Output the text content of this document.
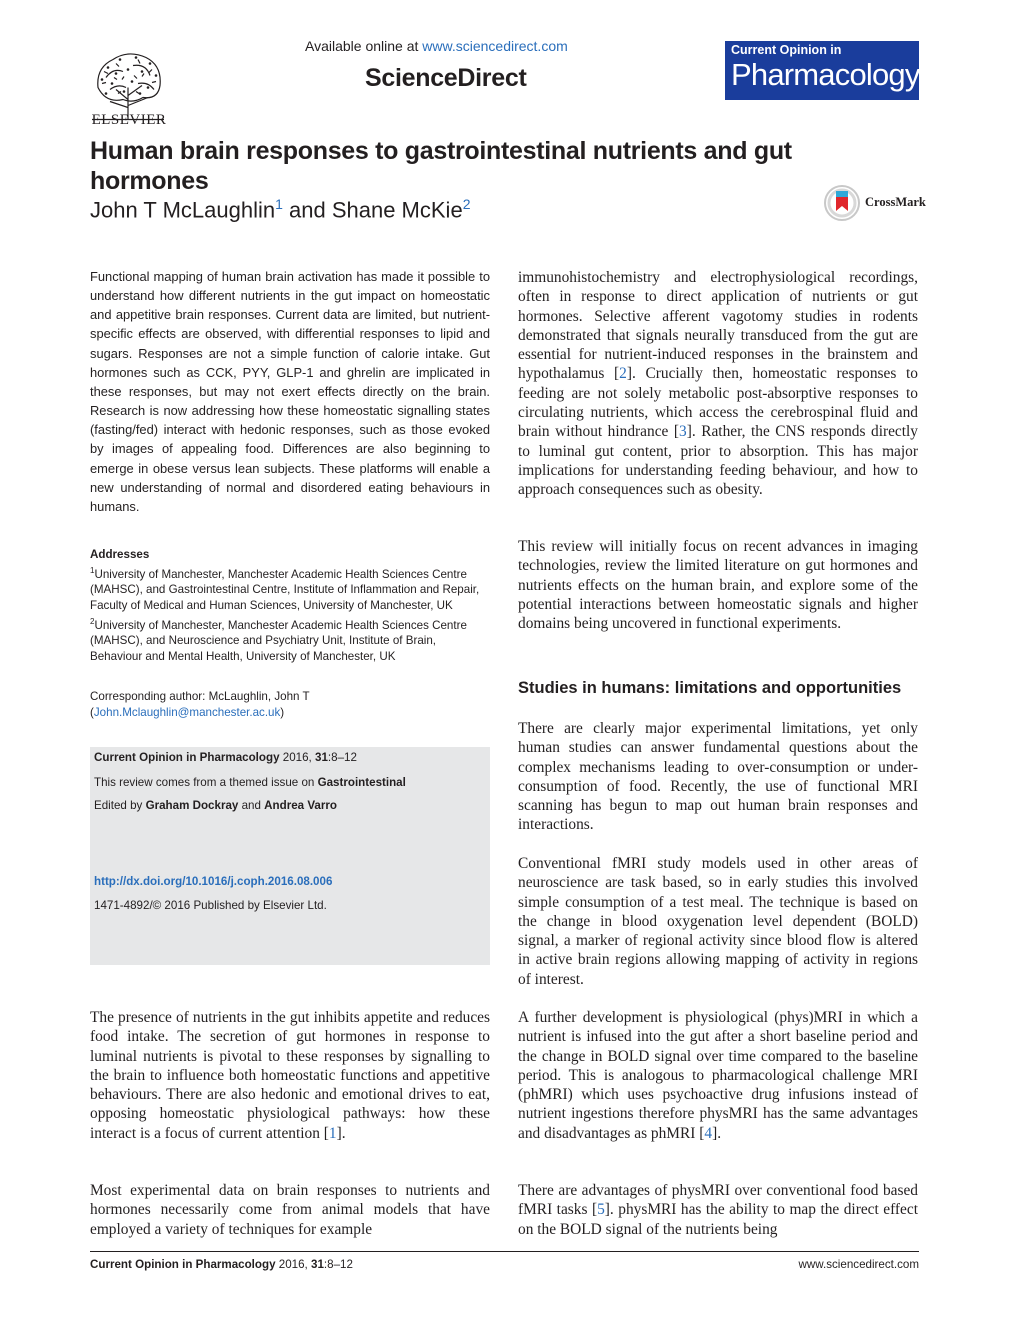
ELSEVIER
Available online at www.sciencedirect.com
ScienceDirect
Current Opinion in
Pharmacology
Human brain responses to gastrointestinal nutrients and gut hormones
John T McLaughlin$^1$ and Shane McKie$^2$	CrossMark

Functional mapping of human brain activation has made it possible to understand how different nutrients in the gut impact on homeostatic and appetitive brain responses. Current data are limited, but nutrient-specific effects are observed, with differential responses to lipid and sugars. Responses are not a simple function of calorie intake. Gut hormones such as CCK, PYY, GLP-1 and ghrelin are implicated in these responses, but may not exert effects directly on the brain. Research is now addressing how these homeostatic signalling states (fasting/fed) interact with hedonic responses, such as those evoked by images of appealing food. Differences are also beginning to emerge in obese versus lean subjects. These platforms will enable a new understanding of normal and disordered eating behaviours in humans.

Addresses
$^1$University of Manchester, Manchester Academic Health Sciences Centre (MAHSC), and Gastrointestinal Centre, Institute of Inflammation and Repair, Faculty of Medical and Human Sciences, University of Manchester, UK
$^2$University of Manchester, Manchester Academic Health Sciences Centre (MAHSC), and Neuroscience and Psychiatry Unit, Institute of Brain, Behaviour and Mental Health, University of Manchester, UK
Corresponding author: McLaughlin, John T
(John.Mclaughlin@manchester.ac.uk)
Current Opinion in Pharmacology 2016, 31:8–12
This review comes from a themed issue on Gastrointestinal
Edited by Graham Dockray and Andrea Varro
http://dx.doi.org/10.1016/j.coph.2016.08.006
1471-4892/© 2016 Published by Elsevier Ltd.

The presence of nutrients in the gut inhibits appetite and reduces food intake. The secretion of gut hormones in response to luminal nutrients is pivotal to these responses by signalling to the brain to influence both homeostatic functions and appetitive behaviours. There are also hedonic and emotional drives to eat, opposing homeostatic physiological pathways: how these interact is a focus of current attention [1].

Most experimental data on brain responses to nutrients and hormones necessarily come from animal models that have employed a variety of techniques for example

immunohistochemistry and electrophysiological recordings, often in response to direct application of nutrients or gut hormones. Selective afferent vagotomy studies in rodents demonstrated that signals neurally transduced from the gut are essential for nutrient-induced responses in the brainstem and hypothalamus [2]. Crucially then, homeostatic responses to feeding are not solely metabolic post-absorptive responses to circulating nutrients, which access the cerebrospinal fluid and brain without hindrance [3]. Rather, the CNS responds directly to luminal gut content, prior to absorption. This has major implications for understanding feeding behaviour, and how to approach consequences such as obesity.

This review will initially focus on recent advances in imaging technologies, review the limited literature on gut hormones and nutrients effects on the human brain, and explore some of the potential interactions between homeostatic signals and higher domains being uncovered in functional experiments.

Studies in humans: limitations and opportunities

There are clearly major experimental limitations, yet only human studies can answer fundamental questions about the complex mechanisms leading to over-consumption or under-consumption of food. Recently, the use of functional MRI scanning has begun to map out human brain responses and interactions.

Conventional fMRI study models used in other areas of neuroscience are task based, so in early studies this involved simple consumption of a test meal. The technique is based on the change in blood oxygenation level dependent (BOLD) signal, a marker of regional activity since blood flow is altered in active brain regions allowing mapping of activity in regions of interest.

A further development is physiological (phys)MRI in which a nutrient is infused into the gut after a short baseline period and the change in BOLD signal over time compared to the baseline period. This is analogous to pharmacological challenge MRI (phMRI) which uses psychoactive drug infusions instead of nutrient ingestions therefore physMRI has the same advantages and disadvantages as phMRI [4].

There are advantages of physMRI over conventional food based fMRI tasks [5]. physMRI has the ability to map the direct effect on the BOLD signal of the nutrients being

Current Opinion in Pharmacology 2016, 31:8–12	www.sciencedirect.com
